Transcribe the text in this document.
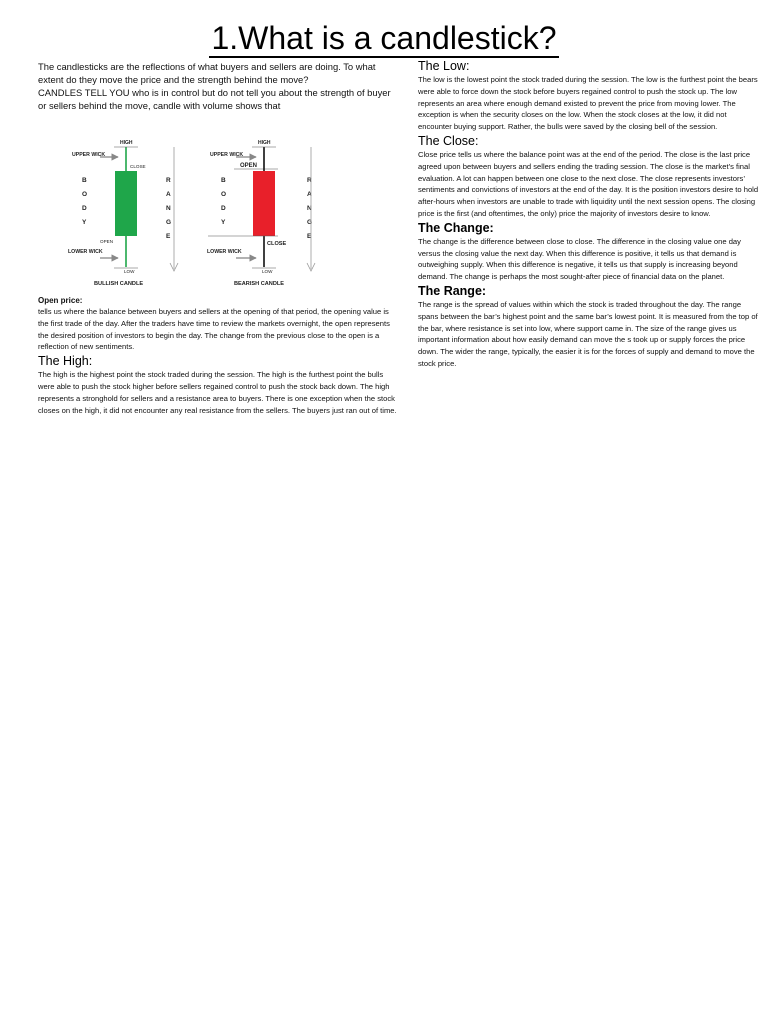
1.What is a candlestick?

The candlesticks are the reflections of what buyers and sellers are doing. To what extent do they move the price and the strength behind the move?
CANDLES TELL YOU who is in control but do not tell you about the strength of buyer or sellers behind the move, candle with volume shows that

HIGH
UPPER WICK
CLOSE
B
O
D
Y
R
A
N
G
E
OPEN
LOWER WICK
LOW
BULLISH CANDLE
HIGH
UPPER WICK
OPEN
B
O
D
Y
R
A
N
G
E
CLOSE
LOWER WICK
LOW
BEARISH CANDLE
Open price:

tells us where the balance between buyers and sellers at the opening of that period, the opening value is the first trade of the day. After the traders have time to review the markets overnight, the open represents the desired position of investors to begin the day. The change from the previous close to the open is a reflection of new sentiments.

The High:

The high is the highest point the stock traded during the session. The high is the furthest point the bulls were able to push the stock higher before sellers regained control to push the stock back down. The high represents a stronghold for sellers and a resistance area to buyers. There is one exception when the stock closes on the high, it did not encounter any real resistance from the sellers. The buyers just ran out of time.

The Low:

The low is the lowest point the stock traded during the session. The low is the furthest point the bears were able to force down the stock before buyers regained control to push the stock up. The low represents an area where enough demand existed to prevent the price from moving lower. The exception is when the security closes on the low. When the stock closes at the low, it did not encounter buying support. Rather, the bulls were saved by the closing bell of the session.

The Close:

Close price tells us where the balance point was at the end of the period. The close is the last price agreed upon between buyers and sellers ending the trading session. The close is the market’s final evaluation. A lot can happen between one close to the next close. The close represents investors’ sentiments and convictions of investors at the end of the day. It is the position investors desire to hold after-hours when investors are unable to trade with liquidity until the next session opens. The closing price is the first (and oftentimes, the only) price the majority of investors desire to know.

The Change:

The change is the difference between close to close. The difference in the closing value one day versus the closing value the next day. When this difference is positive, it tells us that demand is outweighing supply. When this difference is negative, it tells us that supply is increasing beyond demand. The change is perhaps the most sought-after piece of financial data on the planet.

The Range:

The range is the spread of values within which the stock is traded throughout the day. The range spans between the bar’s highest point and the same bar’s lowest point. It is measured from the top of the bar, where resistance is set into low, where support came in. The size of the range gives us important information about how easily demand can move the s took up or supply forces the price down. The wider the range, typically, the easier it is for the forces of supply and demand to move the stock price.
